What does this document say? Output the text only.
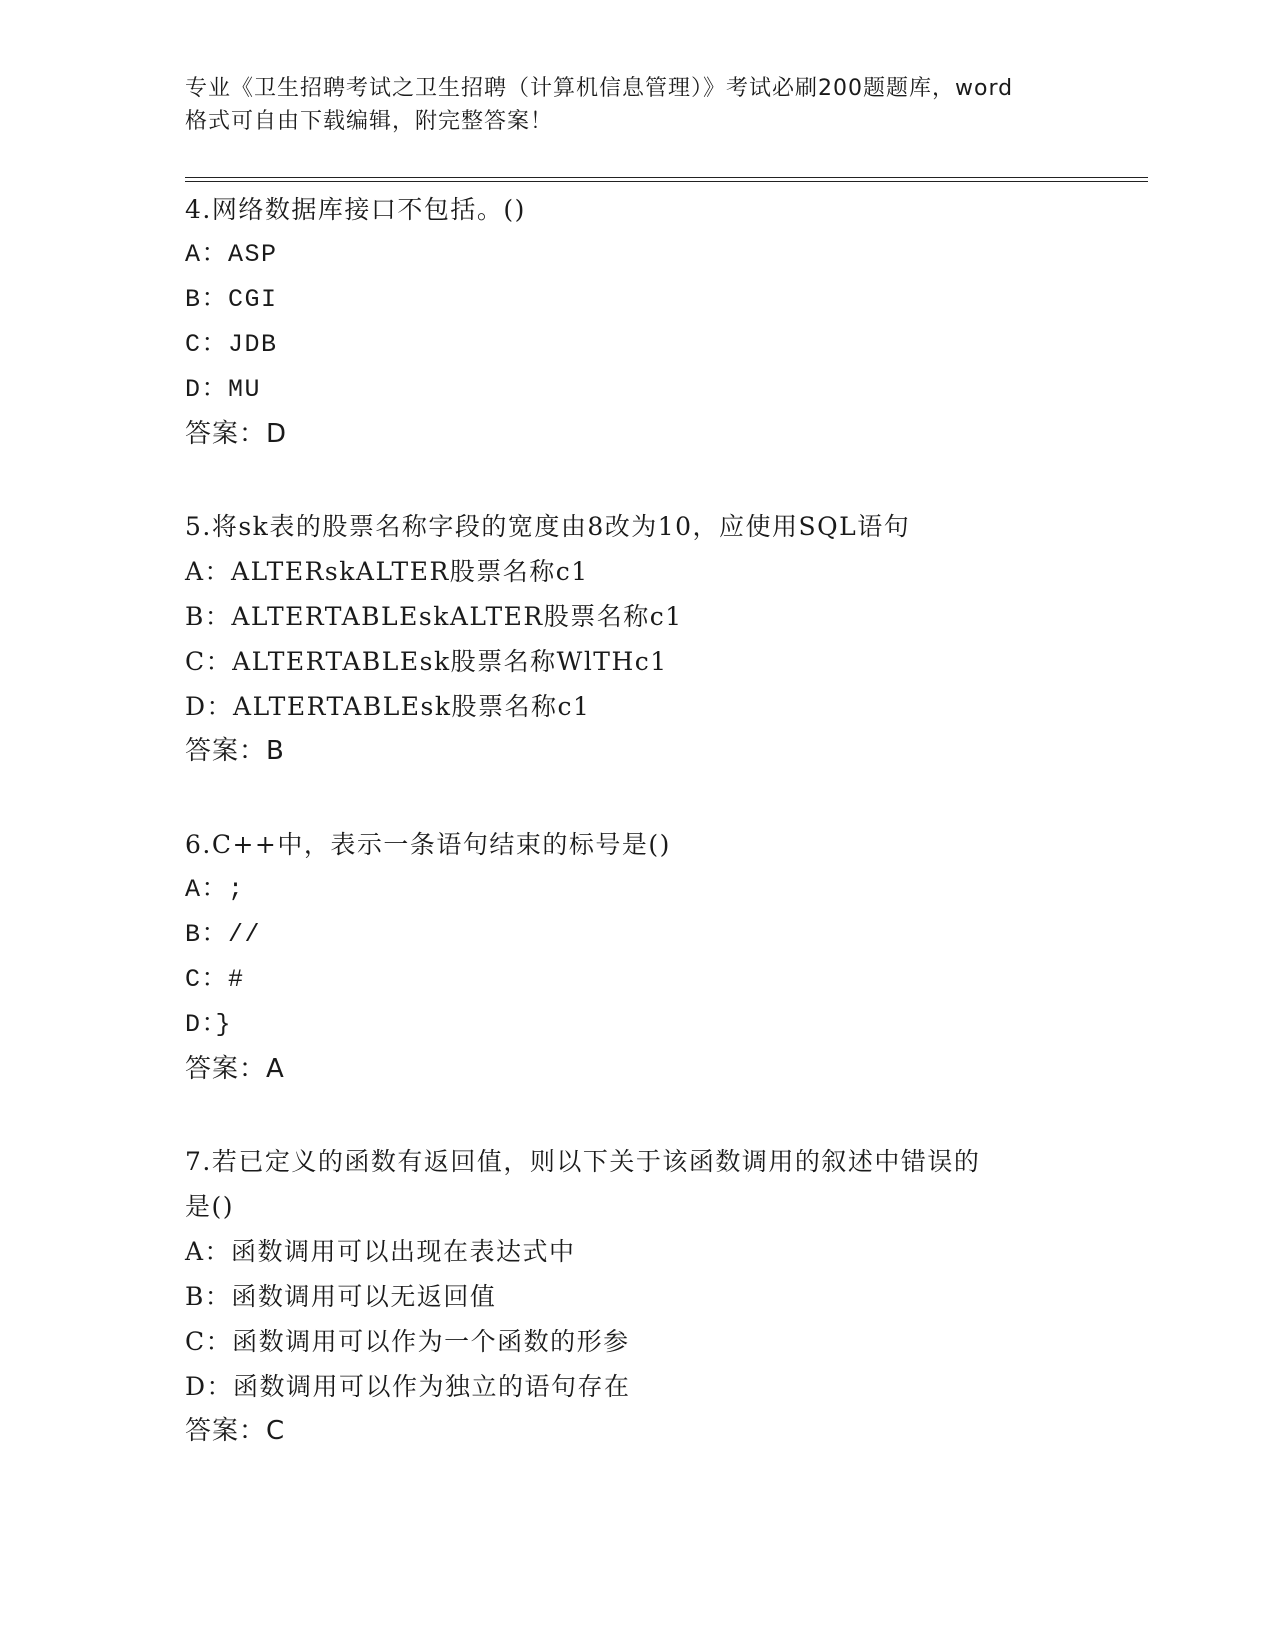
专业《卫生招聘考试之卫生招聘（计算机信息管理）》考试必刷200题题库，word
格式可自由下载编辑，附完整答案！
4.网络数据库接口不包括。()
A：ASP
B：CGI
C：JDB
D：MU
答案：D
5.将sk表的股票名称字段的宽度由8改为10，应使用SQL语句
A：ALTERskALTER股票名称c1
B：ALTERTABLEskALTER股票名称c1
C：ALTERTABLEsk股票名称WlTHc1
D：ALTERTABLEsk股票名称c1
答案：B
6.C++中，表示一条语句结束的标号是()
A：;
B：//
C：#
D：}
答案：A
7.若已定义的函数有返回值，则以下关于该函数调用的叙述中错误的
是()
A：函数调用可以出现在表达式中
B：函数调用可以无返回值
C：函数调用可以作为一个函数的形参
D：函数调用可以作为独立的语句存在
答案：C
